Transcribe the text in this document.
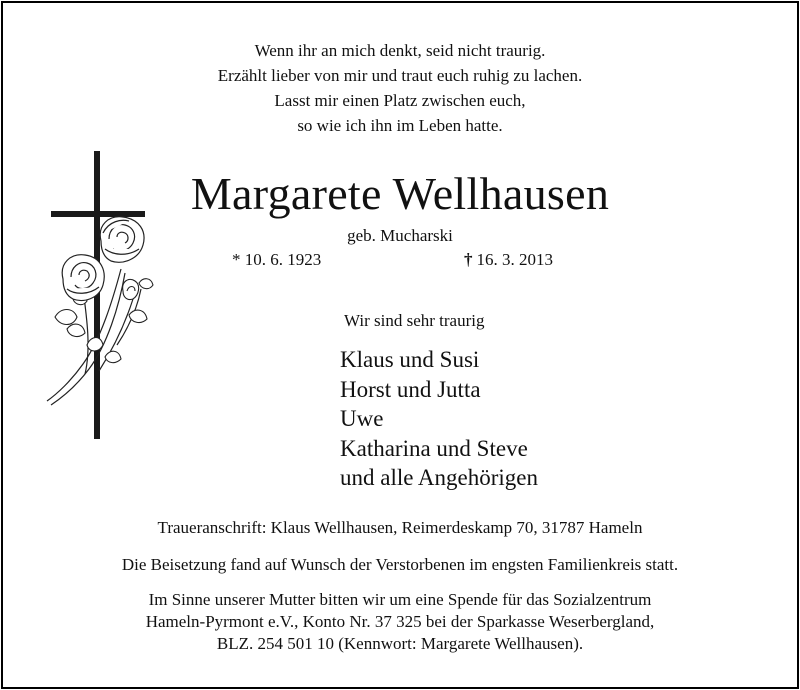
Wenn ihr an mich denkt, seid nicht traurig.
Erzählt lieber von mir und traut euch ruhig zu lachen.
Lasst mir einen Platz zwischen euch,
so wie ich ihn im Leben hatte.
Margarete Wellhausen
geb. Mucharski
* 10. 6. 1923	† 16. 3. 2013
Wir sind sehr traurig
Klaus und Susi
Horst und Jutta
Uwe
Katharina und Steve
und alle Angehörigen
Traueranschrift: Klaus Wellhausen, Reimerdeskamp 70, 31787 Hameln
Die Beisetzung fand auf Wunsch der Verstorbenen im engsten Familienkreis statt.
Im Sinne unserer Mutter bitten wir um eine Spende für das Sozialzentrum
Hameln-Pyrmont e.V., Konto Nr. 37 325 bei der Sparkasse Weserbergland,
BLZ. 254 501 10 (Kennwort: Margarete Wellhausen).
